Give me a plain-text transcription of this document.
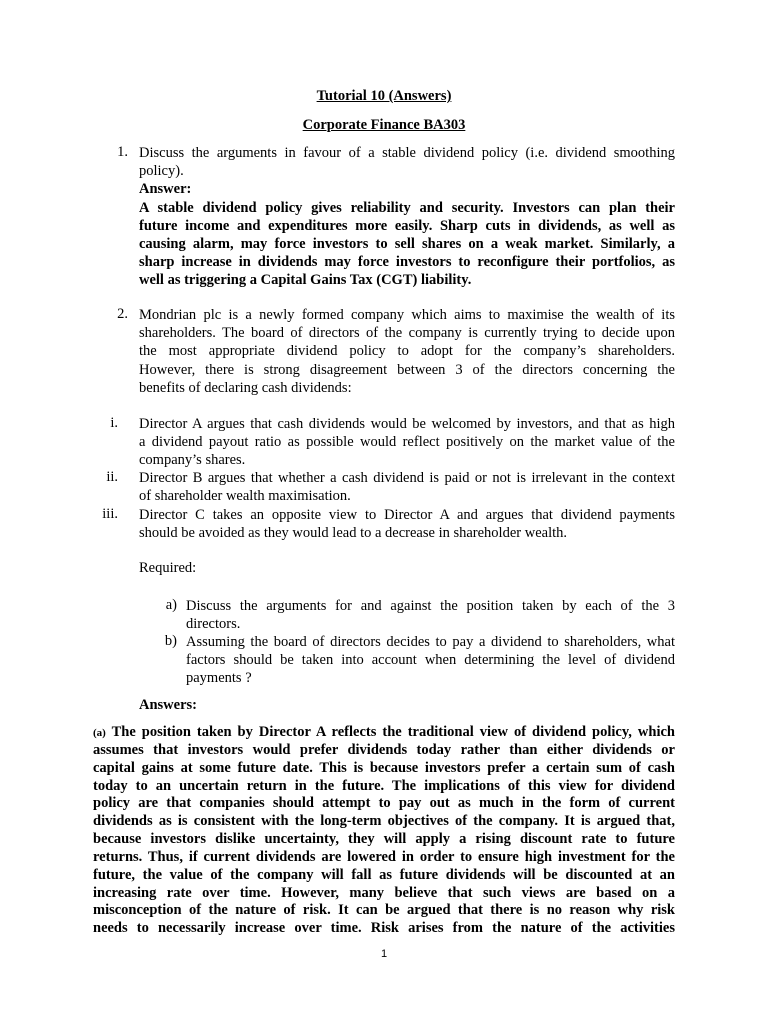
Tutorial 10 (Answers)
Corporate Finance BA303
1. Discuss the arguments in favour of a stable dividend policy (i.e. dividend smoothing
policy).
Answer:
A stable dividend policy gives reliability and security. Investors can plan their
future income and expenditures more easily. Sharp cuts in dividends, as well as
causing alarm, may force investors to sell shares on a weak market. Similarly, a
sharp increase in dividends may force investors to reconfigure their portfolios, as
well as triggering a Capital Gains Tax (CGT) liability.
2. Mondrian plc is a newly formed company which aims to maximise the wealth of its
shareholders. The board of directors of the company is currently trying to decide upon
the most appropriate dividend policy to adopt for the company’s shareholders.
However, there is strong disagreement between 3 of the directors concerning the
benefits of declaring cash dividends:
i. Director A argues that cash dividends would be welcomed by investors, and that as high
a dividend payout ratio as possible would reflect positively on the market value of the
company’s shares.
ii. Director B argues that whether a cash dividend is paid or not is irrelevant in the context
of shareholder wealth maximisation.
iii. Director C takes an opposite view to Director A and argues that dividend payments
should be avoided as they would lead to a decrease in shareholder wealth.
Required:
a) Discuss the arguments for and against the position taken by each of the 3
directors.
b) Assuming the board of directors decides to pay a dividend to shareholders, what
factors should be taken into account when determining the level of dividend
payments ?
Answers:
(a) The position taken by Director A reflects the traditional view of dividend policy, which
assumes that investors would prefer dividends today rather than either dividends or
capital gains at some future date. This is because investors prefer a certain sum of cash
today to an uncertain return in the future. The implications of this view for dividend
policy are that companies should attempt to pay out as much in the form of current
dividends as is consistent with the long-term objectives of the company. It is argued that,
because investors dislike uncertainty, they will apply a rising discount rate to future
returns. Thus, if current dividends are lowered in order to ensure high investment for the
future, the value of the company will fall as future dividends will be discounted at an
increasing rate over time. However, many believe that such views are based on a
misconception of the nature of risk. It can be argued that there is no reason why risk
needs to necessarily increase over time. Risk arises from the nature of the activities
1
